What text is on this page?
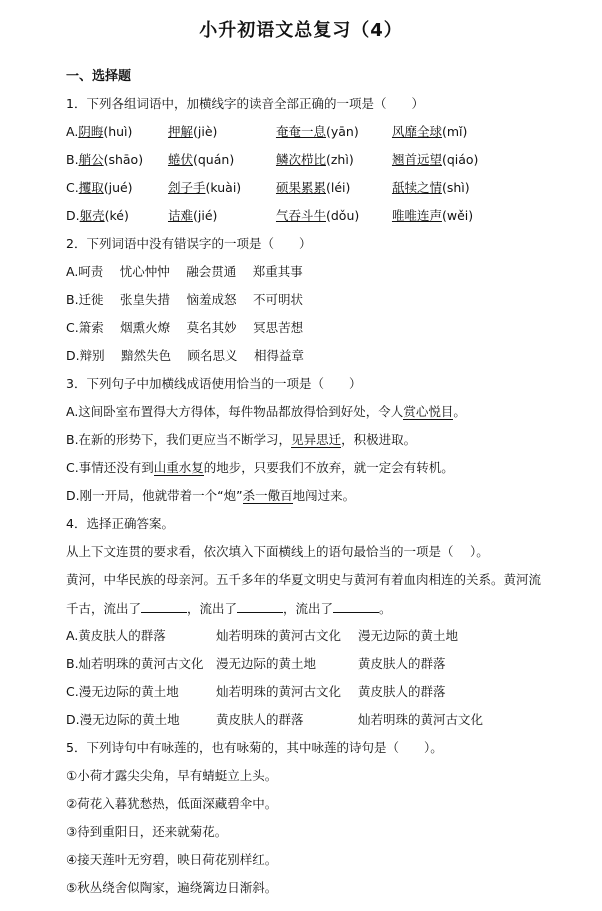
小升初语文总复习（4）
一、选择题
1．下列各组词语中，加横线字的读音全部正确的一项是（　　）
A.阴晦(huì)	押解(jiè)	奄奄一息(yān)	风靡全球(mǐ)
B.艄公(shāo) 蜷伏(quán)	鳞次栉比(zhì)	翘首远望(qiáo)
C.攫取(jué)	刽子手(kuài)	硕果累累(léi)	舐犊之情(shì)
D.躯壳(ké)	诘难(jié)	气吞斗牛(dǒu)	唯唯连声(wěi)
2．下列词语中没有错误字的一项是（　　）
A.呵责　 忧心忡忡　 融会贯通　 郑重其事
B.迁徙　 张皇失措　 恼羞成怒　 不可明状
C.箫索　 烟熏火燎　 莫名其妙　 冥思苦想
D.辩别　 黯然失色　 顾名思义　 相得益章
3．下列句子中加横线成语使用恰当的一项是（　　）
A.这间卧室布置得大方得体，每件物品都放得恰到好处，令人赏心悦目。
B.在新的形势下，我们更应当不断学习，见异思迁，积极进取。
C.事情还没有到山重水复的地步，只要我们不放弃，就一定会有转机。
D.刚一开局，他就带着一个“炮”杀一儆百地闯过来。
4．选择正确答案。
从上下文连贯的要求看，依次填入下面横线上的语句最恰当的一项是（　 ）。
黄河，中华民族的母亲河。五千多年的华夏文明史与黄河有着血肉相连的关系。黄河流
千古，流出了	，流出了	，流出了	。
A.黄皮肤人的群落	灿若明珠的黄河古文化 漫无边际的黄土地
B.灿若明珠的黄河古文化 漫无边际的黄土地	黄皮肤人的群落
C.漫无边际的黄土地	灿若明珠的黄河古文化 黄皮肤人的群落
D.漫无边际的黄土地	黄皮肤人的群落	灿若明珠的黄河古文化
5．下列诗句中有咏莲的，也有咏菊的，其中咏莲的诗句是（　　）。
①小荷才露尖尖角，早有蜻蜓立上头。
②荷花入暮犹愁热，低面深藏碧伞中。
③待到重阳日，还来就菊花。
④接天莲叶无穷碧，映日荷花别样红。
⑤秋丛绕舍似陶家，遍绕篱边日渐斜。
